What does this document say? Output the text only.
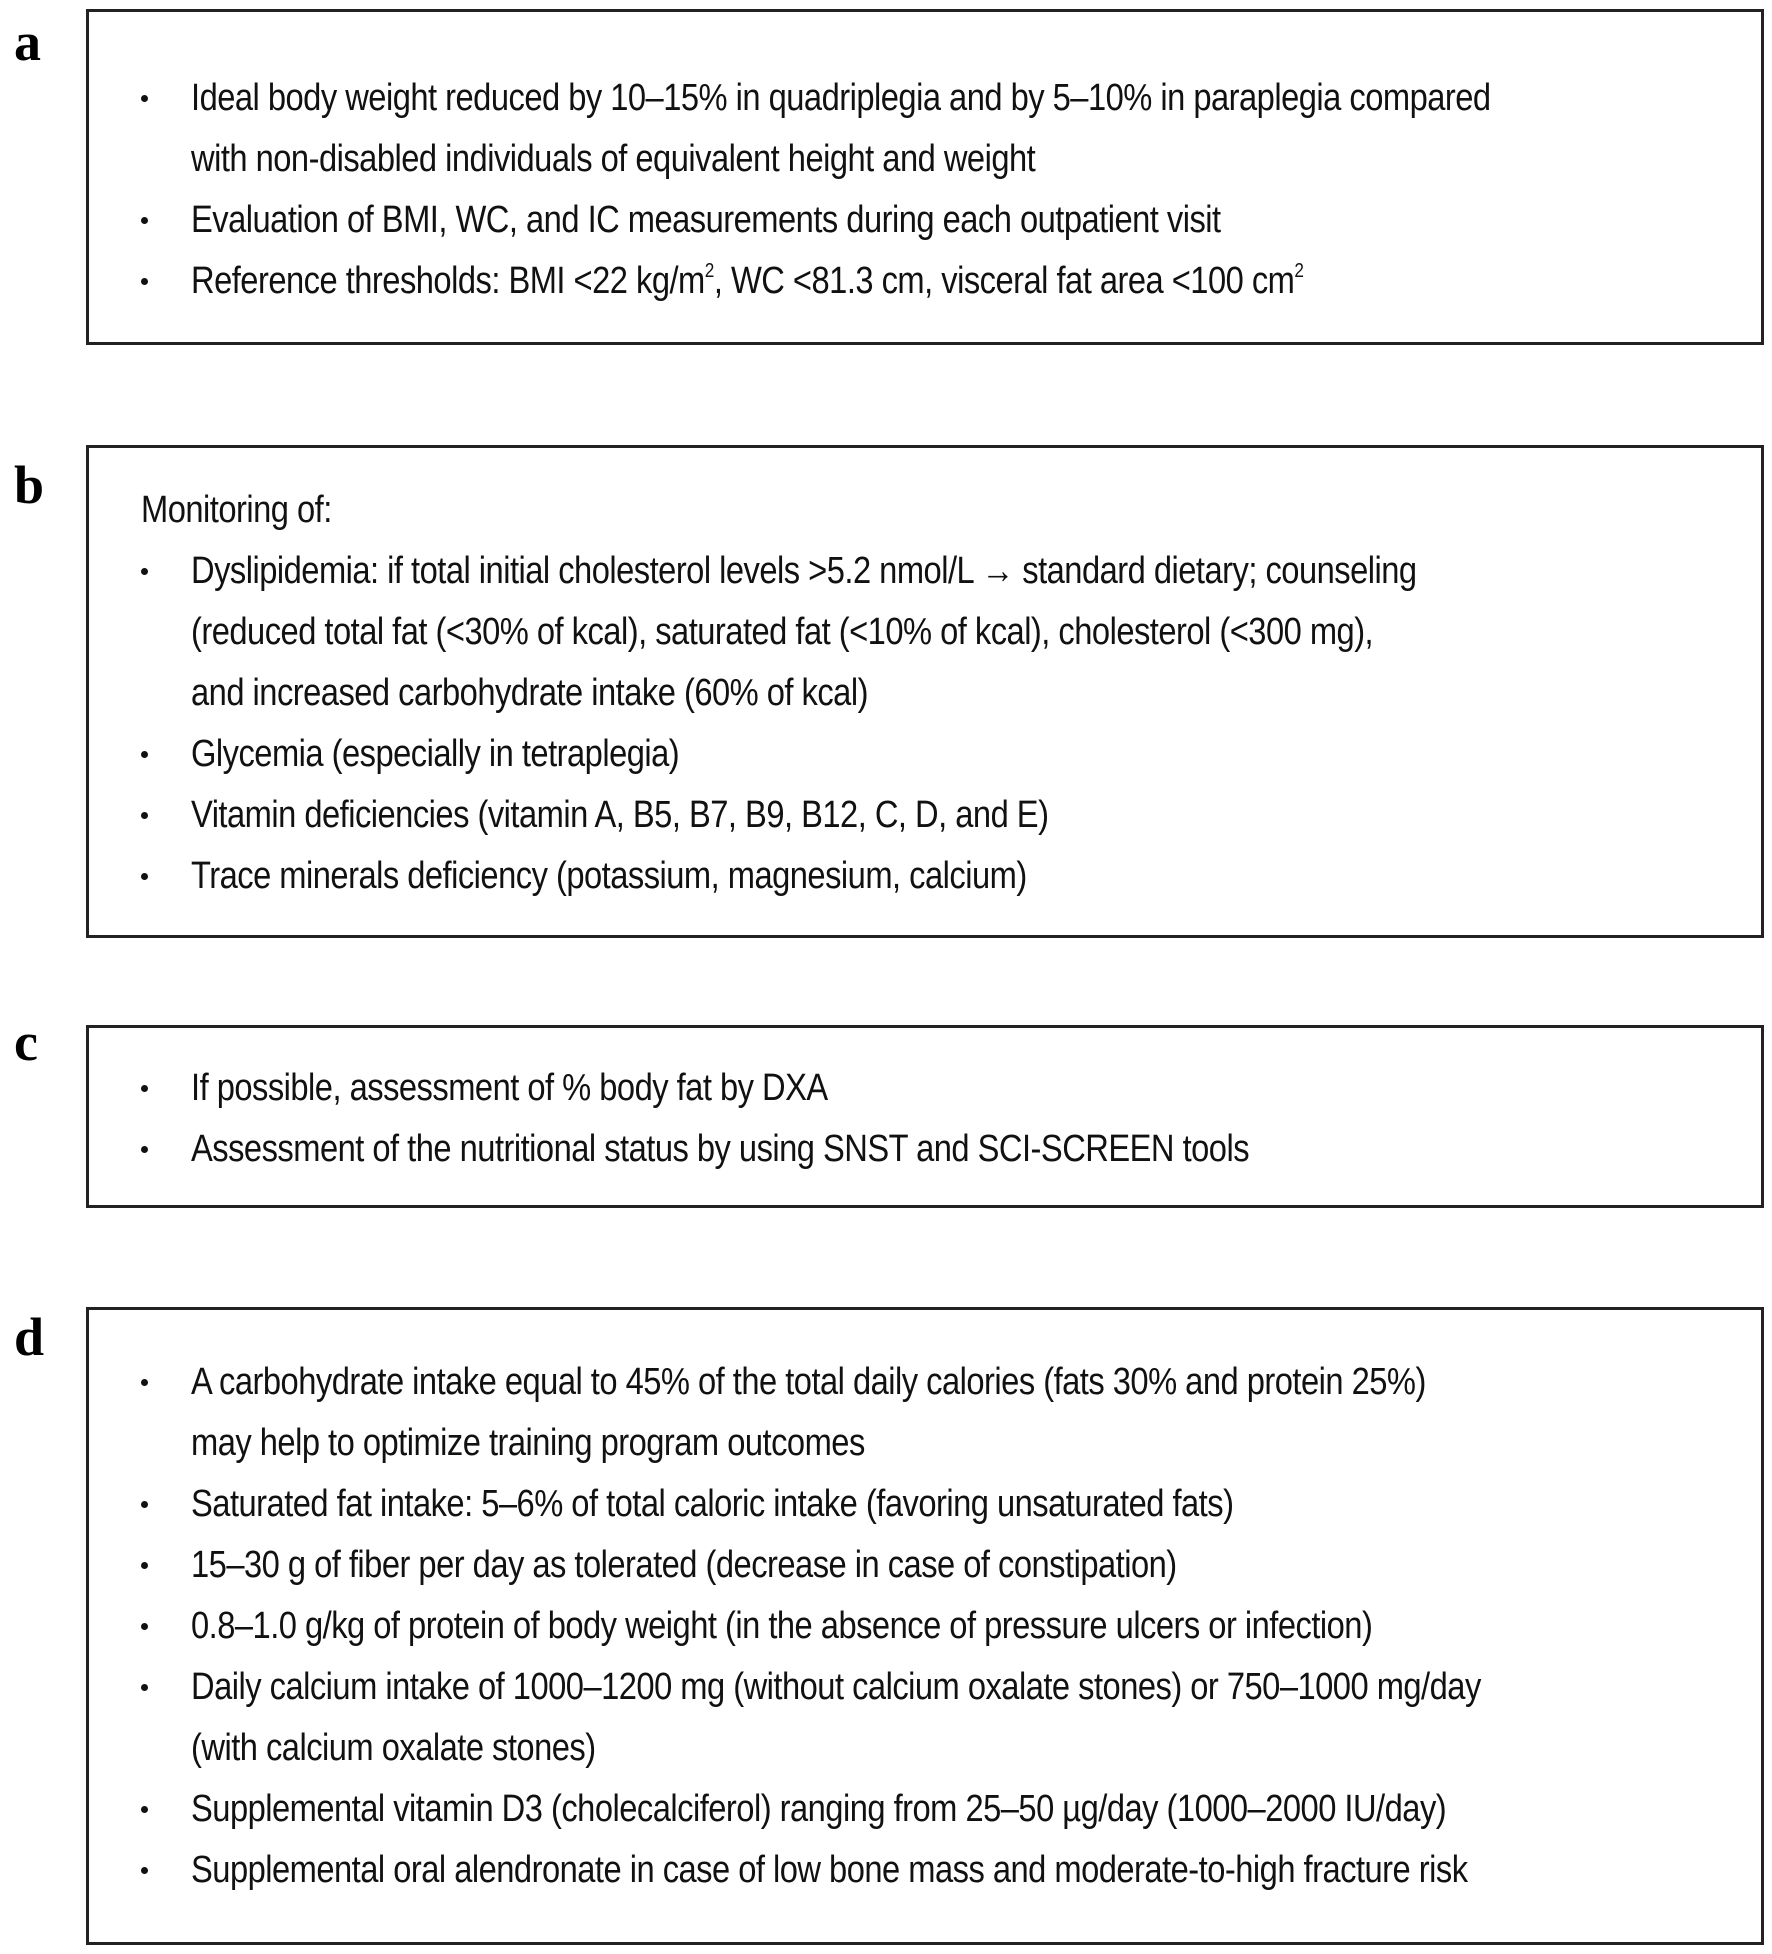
a
Ideal body weight reduced by 10–15% in quadriplegia and by 5–10% in paraplegia compared
with non-disabled individuals of equivalent height and weight
Evaluation of BMI, WC, and IC measurements during each outpatient visit
Reference thresholds: BMI <22 $kg/m^2$, WC <81.3 cm, visceral fat area <100 $cm^2$
b	Monitoring of:
Dyslipidemia: if total initial cholesterol levels >5.2 nmol/L → standard dietary; counseling
(reduced total fat (<30% of kcal), saturated fat (<10% of kcal), cholesterol (<300 mg),
and increased carbohydrate intake (60% of kcal)
Glycemia (especially in tetraplegia)
Vitamin deficiencies (vitamin A, B5, B7, B9, B12, C, D, and E)
Trace minerals deficiency (potassium, magnesium, calcium)
c
If possible, assessment of % body fat by DXA
Assessment of the nutritional status by using SNST and SCI-SCREEN tools
d
A carbohydrate intake equal to 45% of the total daily calories (fats 30% and protein 25%)
may help to optimize training program outcomes
Saturated fat intake: 5–6% of total caloric intake (favoring unsaturated fats)
15–30 g of fiber per day as tolerated (decrease in case of constipation)
0.8–1.0 g/kg of protein of body weight (in the absence of pressure ulcers or infection)
Daily calcium intake of 1000–1200 mg (without calcium oxalate stones) or 750–1000 mg/day
(with calcium oxalate stones)
Supplemental vitamin D3 (cholecalciferol) ranging from 25–50 µg/day (1000–2000 IU/day)
Supplemental oral alendronate in case of low bone mass and moderate-to-high fracture risk
